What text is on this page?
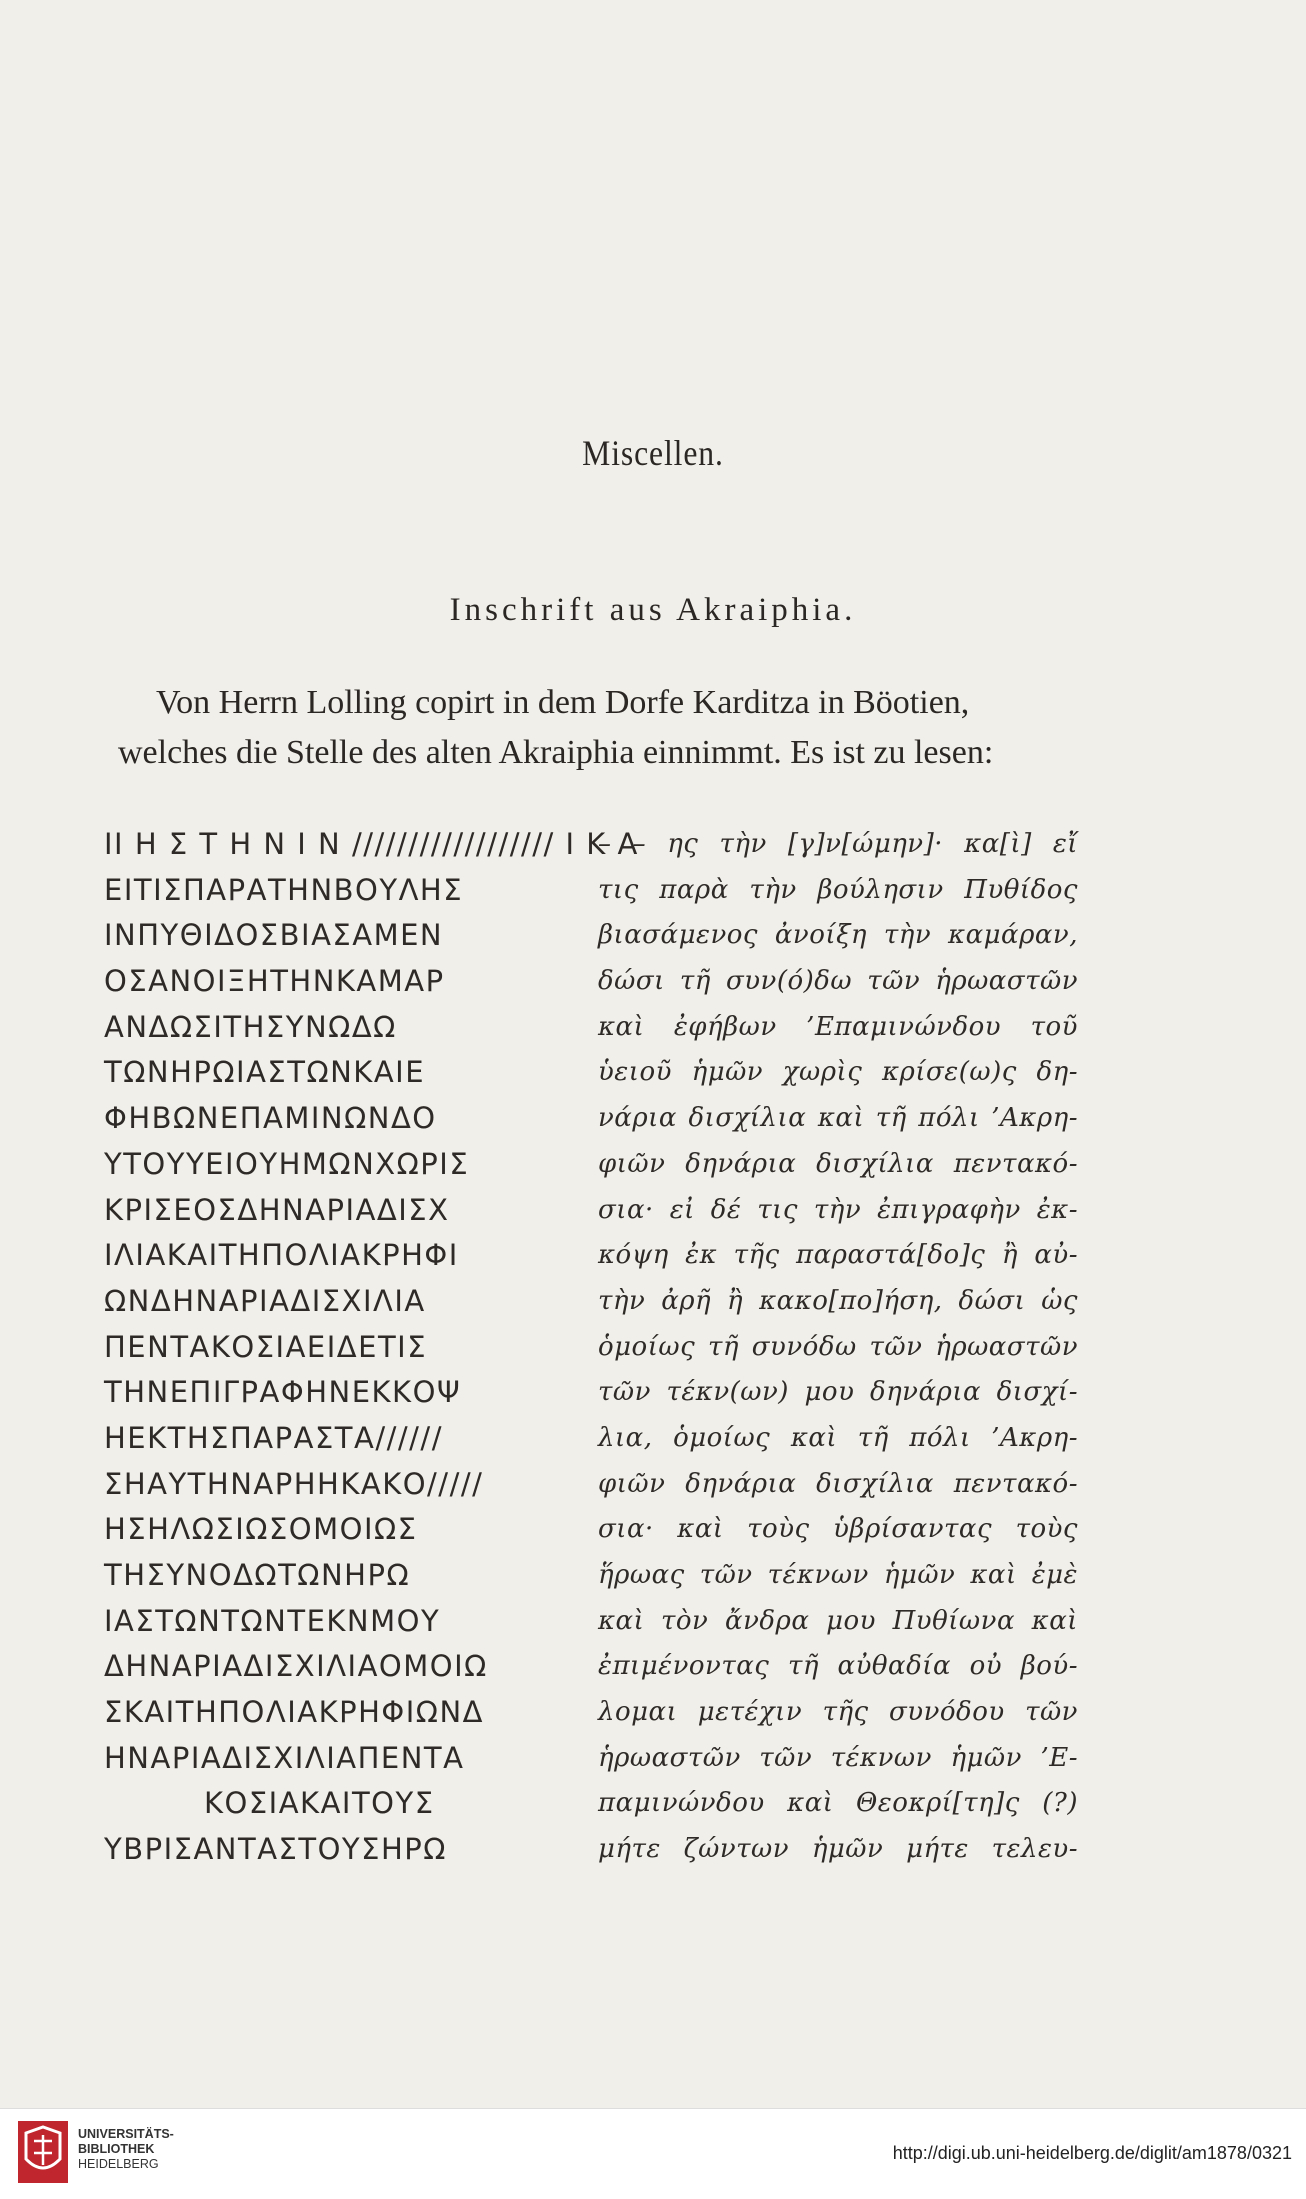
Miscellen.
Inschrift aus Akraiphia.
Von Herrn Lolling copirt in dem Dorfe Karditza in Böotien,
welches die Stelle des alten Akraiphia einnimmt. Es ist zu lesen:
ΙΙ Η Σ Τ Η Ν Ι Ν ////////////////// Ι Κ Α
ΕΙΤΙΣΠΑΡΑΤΗΝΒΟΥΛΗΣ
ΙΝΠΥΘΙΔΟΣΒΙΑΣΑΜΕΝ
ΟΣΑΝΟΙΞΗΤΗΝΚΑΜΑΡ
ΑΝΔΩΣΙΤΗΣΥΝΩΔΩ
ΤΩΝΗΡΩΙΑΣΤΩΝΚΑΙΕ
ΦΗΒΩΝΕΠΑΜΙΝΩΝΔΟ
ΥΤΟΥΥΕΙΟΥΗΜΩΝΧΩΡΙΣ
ΚΡΙΣΕΟΣΔΗΝΑΡΙΑΔΙΣΧ
ΙΛΙΑΚΑΙΤΗΠΟΛΙΑΚΡΗΦΙ
ΩΝΔΗΝΑΡΙΑΔΙΣΧΙΛΙΑ
ΠΕΝΤΑΚΟΣΙΑΕΙΔΕΤΙΣ
ΤΗΝΕΠΙΓΡΑΦΗΝΕΚΚΟΨ
ΗΕΚΤΗΣΠΑΡΑΣΤΑ//////
ΣΗΑΥΤΗΝΑΡΗΗΚΑΚΟ/////
ΗΣΗΛΩΣΙΩΣΟΜΟΙΩΣ
ΤΗΣΥΝΟΔΩΤΩΝΗΡΩ
ΙΑΣΤΩΝΤΩΝΤΕΚΝΜΟΥ
ΔΗΝΑΡΙΑΔΙΣΧΙΛΙΑΟΜΟΙΩ
ΣΚΑΙΤΗΠΟΛΙΑΚΡΗΦΙΩΝΔ
ΗΝΑΡΙΑΔΙΣΧΙΛΙΑΠΕΝΤΑ
ΚΟΣΙΑΚΑΙΤΟΥΣ
ΥΒΡΙΣΑΝΤΑΣΤΟΥΣΗΡΩ
– – ης τὴν [γ]ν[ώμην]· κα[ὶ] εἴ
τις παρὰ τὴν βούλησιν Πυθίδος
βιασάμενος ἀνοίξη τὴν καμάραν,
δώσι τῆ συν(ό)δω τῶν ἡρωαστῶν
καὶ ἐφήβων ’Επαμινώνδου τοῦ
ὑειοῦ ἡμῶν χωρὶς κρίσε(ω)ς δη-
νάρια δισχίλια καὶ τῆ πόλι ’Ακρη-
φιῶν δηνάρια δισχίλια πεντακό-
σια· εἰ δέ τις τὴν ἐπιγραφὴν ἐκ-
κόψη ἐκ τῆς παραστά[δο]ς ἢ αὐ-
τὴν ἀρῆ ἢ κακο[πο]ήση, δώσι ὡς
ὁμοίως τῆ συνόδω τῶν ἡρωαστῶν
τῶν τέκν(ων) μου δηνάρια δισχί-
λια, ὁμοίως καὶ τῆ πόλι ’Ακρη-
φιῶν δηνάρια δισχίλια πεντακό-
σια· καὶ τοὺς ὑβρίσαντας τοὺς
ἥρωας τῶν τέκνων ἡμῶν καὶ ἐμὲ
καὶ τὸν ἄνδρα μου Πυθίωνα καὶ
ἐπιμένοντας τῆ αὐθαδία οὐ βού-
λομαι μετέχιν τῆς συνόδου τῶν
ἡρωαστῶν τῶν τέκνων ἡμῶν ’Ε-
παμινώνδου καὶ Θεοκρί[τη]ς (?)
μήτε ζώντων ἡμῶν μήτε τελευ-
UNIVERSITÄTS-
BIBLIOTHEK
HEIDELBERG
http://digi.ub.uni-heidelberg.de/diglit/am1878/0321
